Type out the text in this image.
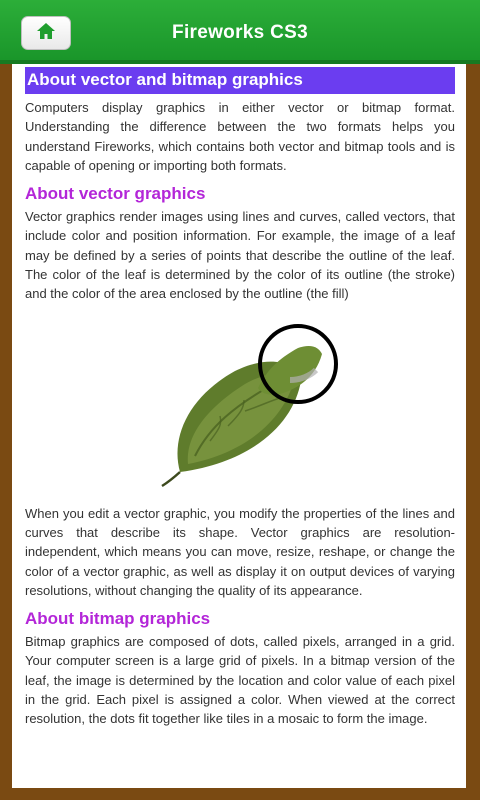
Fireworks CS3
About vector and bitmap graphics

Computers display graphics in either vector or bitmap format. Understanding the difference between the two formats helps you understand Fireworks, which contains both vector and bitmap tools and is capable of opening or importing both formats.

About vector graphics

Vector graphics render images using lines and curves, called vectors, that include color and position information. For example, the image of a leaf may be defined by a series of points that describe the outline of the leaf. The color of the leaf is determined by the color of its outline (the stroke) and the color of the area enclosed by the outline (the fill)

When you edit a vector graphic, you modify the properties of the lines and curves that describe its shape. Vector graphics are resolution-independent, which means you can move, resize, reshape, or change the color of a vector graphic, as well as display it on output devices of varying resolutions, without changing the quality of its appearance.

About bitmap graphics

Bitmap graphics are composed of dots, called pixels, arranged in a grid. Your computer screen is a large grid of pixels. In a bitmap version of the leaf, the image is determined by the location and color value of each pixel in the grid. Each pixel is assigned a color. When viewed at the correct resolution, the dots fit together like tiles in a mosaic to form the image.
